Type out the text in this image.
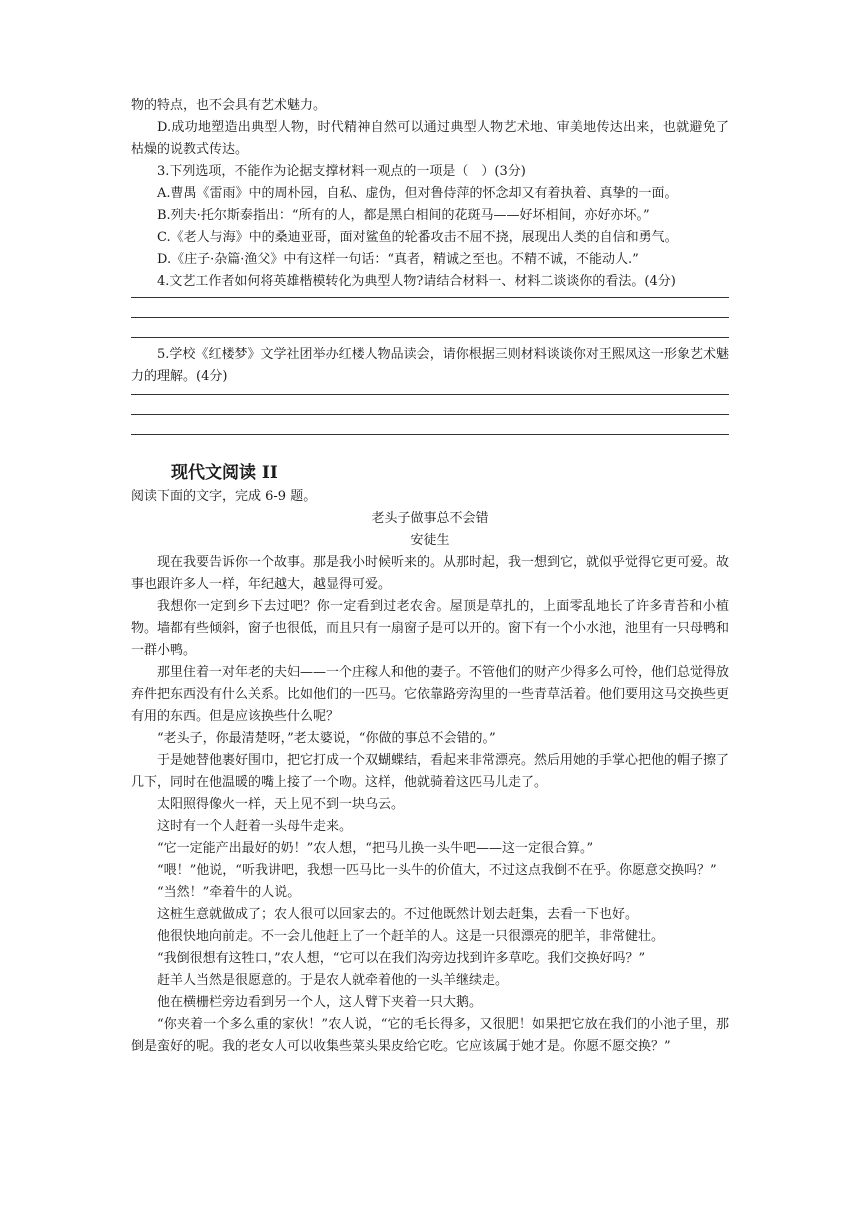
物的特点，也不会具有艺术魅力。

D.成功地塑造出典型人物，时代精神自然可以通过典型人物艺术地、审美地传达出来，也就避免了枯燥的说教式传达。

3.下列选项，不能作为论据支撑材料一观点的一项是（　）(3分)

A.曹禺《雷雨》中的周朴园，自私、虚伪，但对鲁侍萍的怀念却又有着执着、真挚的一面。

B.列夫·托尔斯泰指出：“所有的人，都是黑白相间的花斑马——好坏相间，亦好亦坏。”

C.《老人与海》中的桑迪亚哥，面对鲨鱼的轮番攻击不屈不挠，展现出人类的自信和勇气。

D.《庄子·杂篇·渔父》中有这样一句话：“真者，精诚之至也。不精不诚，不能动人.”

4.文艺工作者如何将英雄楷模转化为典型人物?请结合材料一、材料二谈谈你的看法。(4分)

5.学校《红楼梦》文学社团举办红楼人物品读会，请你根据三则材料谈谈你对王熙凤这一形象艺术魅力的理解。(4分)

现代文阅读 II

阅读下面的文字，完成 6-9 题。

老头子做事总不会错

安徒生

现在我要告诉你一个故事。那是我小时候听来的。从那时起，我一想到它，就似乎觉得它更可爱。故事也跟许多人一样，年纪越大，越显得可爱。

我想你一定到乡下去过吧？你一定看到过老农舍。屋顶是草扎的，上面零乱地长了许多青苔和小植物。墙都有些倾斜，窗子也很低，而且只有一扇窗子是可以开的。窗下有一个小水池，池里有一只母鸭和一群小鸭。

那里住着一对年老的夫妇——一个庄稼人和他的妻子。不管他们的财产少得多么可怜，他们总觉得放弃件把东西没有什么关系。比如他们的一匹马。它依靠路旁沟里的一些青草活着。他们要用这马交换些更有用的东西。但是应该换些什么呢？

“老头子，你最清楚呀，”老太婆说，“你做的事总不会错的。”

于是她替他裹好围巾，把它打成一个双蝴蝶结，看起来非常漂亮。然后用她的手掌心把他的帽子擦了几下，同时在他温暖的嘴上接了一个吻。这样，他就骑着这匹马儿走了。

太阳照得像火一样，天上见不到一块乌云。

这时有一个人赶着一头母牛走来。

“它一定能产出最好的奶！”农人想，“把马儿换一头牛吧——这一定很合算。”

“喂！”他说，“听我讲吧，我想一匹马比一头牛的价值大，不过这点我倒不在乎。你愿意交换吗？”

“当然！”牵着牛的人说。

这桩生意就做成了；农人很可以回家去的。不过他既然计划去赶集，去看一下也好。

他很快地向前走。不一会儿他赶上了一个赶羊的人。这是一只很漂亮的肥羊，非常健壮。

“我倒很想有这牲口，”农人想，“它可以在我们沟旁边找到许多草吃。我们交换好吗？”

赶羊人当然是很愿意的。于是农人就牵着他的一头羊继续走。

他在横栅栏旁边看到另一个人，这人臂下夹着一只大鹅。

“你夹着一个多么重的家伙！”农人说，“它的毛长得多，又很肥！如果把它放在我们的小池子里，那倒是蛮好的呢。我的老女人可以收集些菜头果皮给它吃。它应该属于她才是。你愿不愿交换？”
